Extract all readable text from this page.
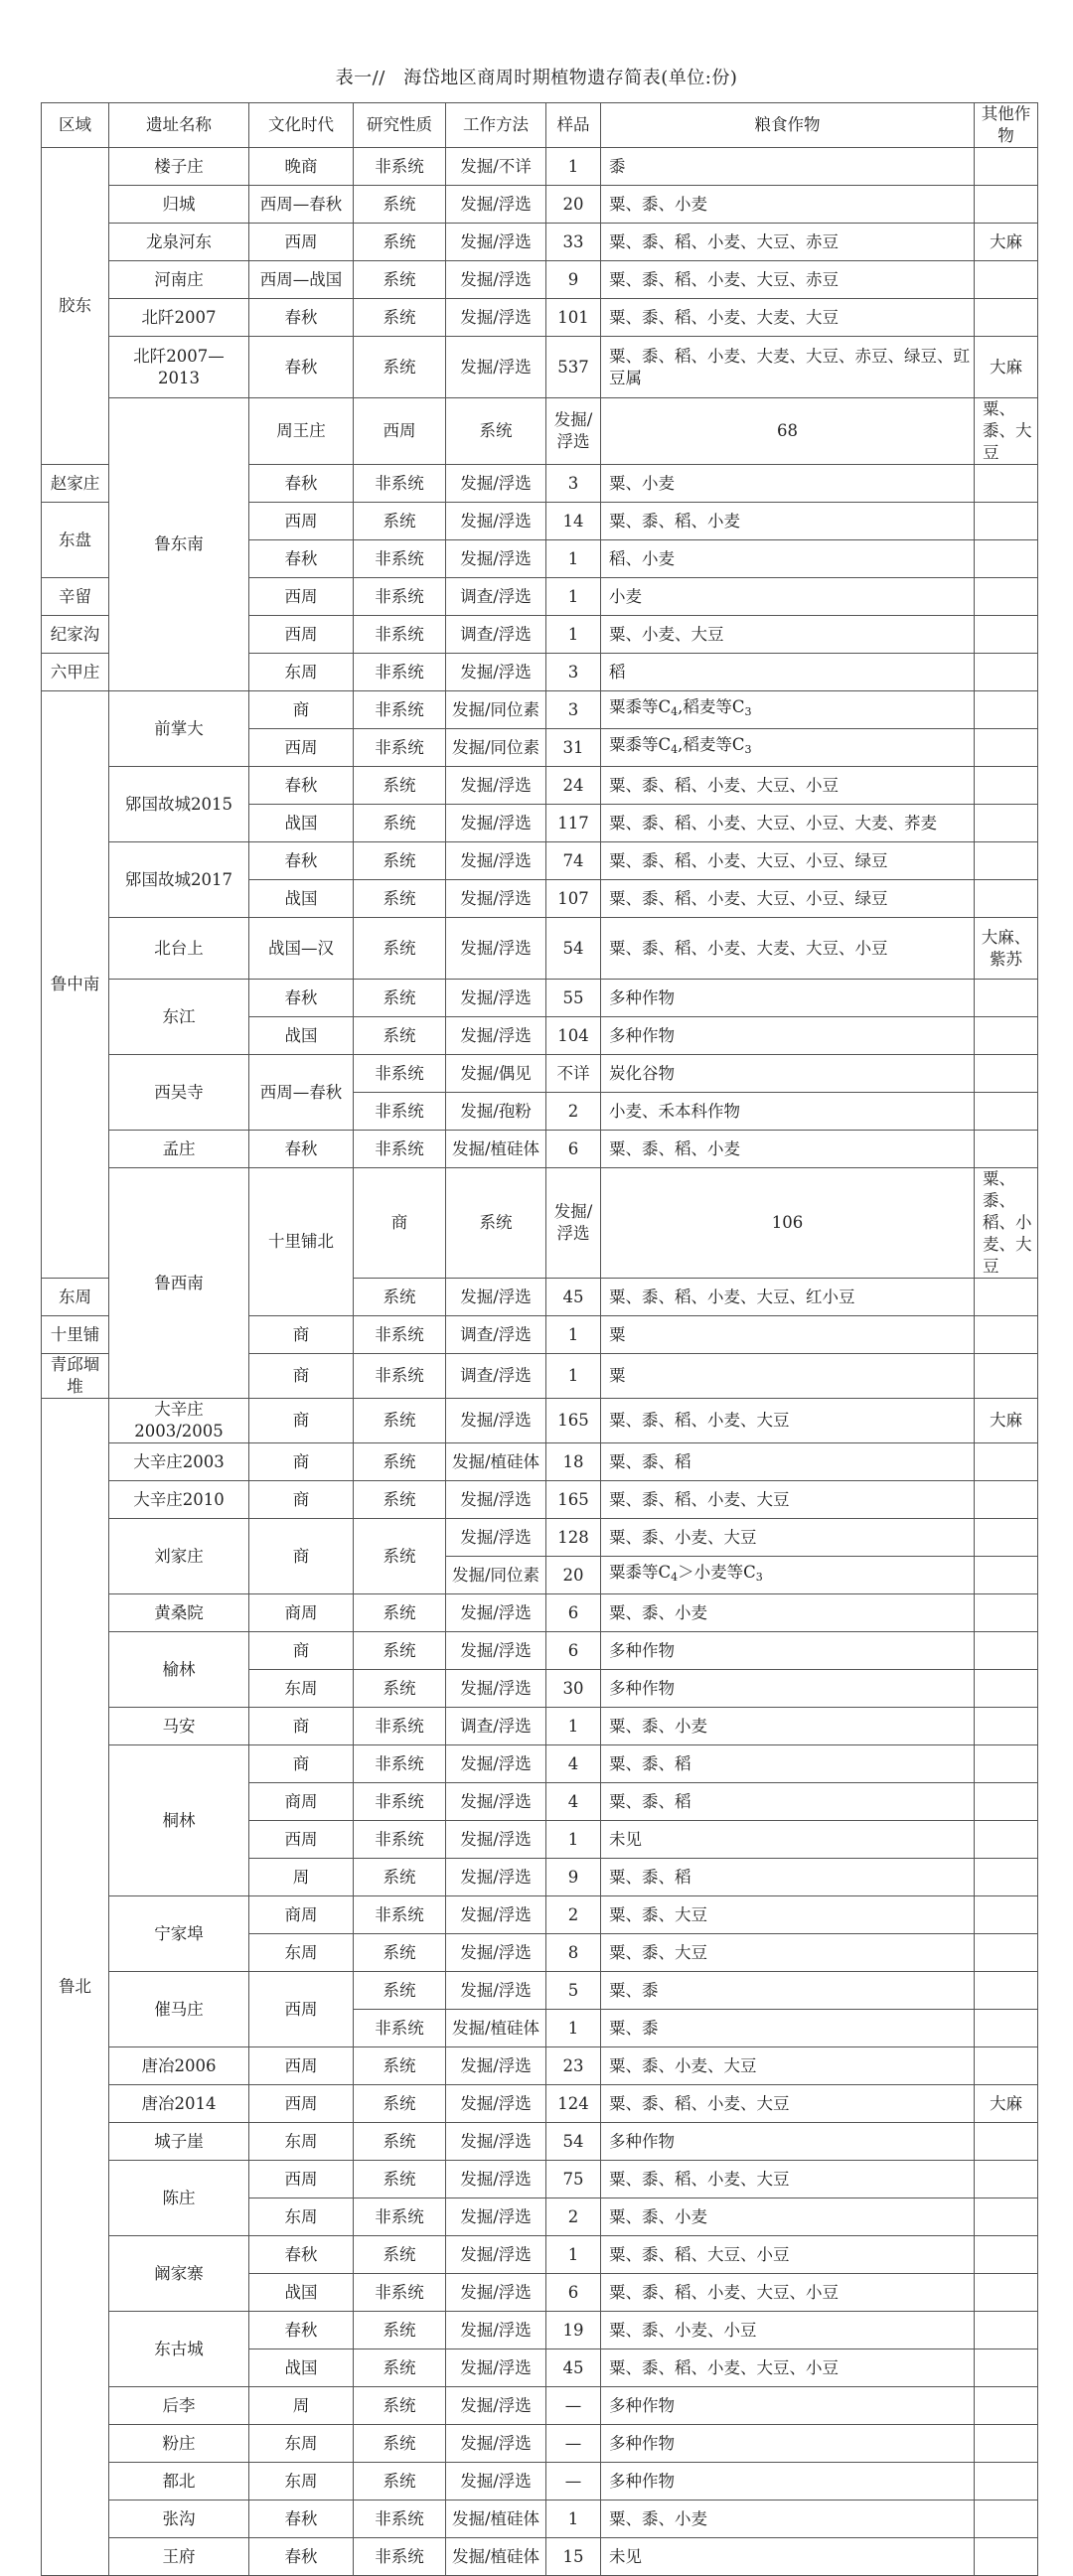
表一//　海岱地区商周时期植物遗存简表(单位:份)
区域	遗址名称	文化时代	研究性质	工作方法	样品	粮食作物	其他作物	
胶东	楼子庄	晚商	非系统	发掘/不详	1	黍		
	归城	西周—春秋	系统	发掘/浮选	20	粟、黍、小麦		
	龙泉河东	西周	系统	发掘/浮选	33	粟、黍、稻、小麦、大豆、赤豆	大麻	
	河南庄	西周—战国	系统	发掘/浮选	9	粟、黍、稻、小麦、大豆、赤豆		
	北阡2007	春秋	系统	发掘/浮选	101	粟、黍、稻、小麦、大麦、大豆		
	北阡2007—2013	春秋	系统	发掘/浮选	537	粟、黍、稻、小麦、大麦、大豆、赤豆、绿豆、豇豆属	大麻	
	鲁东南	周王庄	西周	系统	发掘/浮选	68	粟、黍、大豆	
赵家庄		春秋	非系统	发掘/浮选	3	粟、小麦		
东盘		西周	系统	发掘/浮选	14	粟、黍、稻、小麦		
		春秋	非系统	发掘/浮选	1	稻、小麦		
辛留		西周	非系统	调查/浮选	1	小麦		
纪家沟		西周	非系统	调查/浮选	1	粟、小麦、大豆		
六甲庄		东周	非系统	发掘/浮选	3	稻		
鲁中南	前掌大	商	非系统	发掘/同位素	3	粟黍等$C_4$,稻麦等$C_3$	
		西周	非系统	发掘/同位素	31	粟黍等$C_4$,稻麦等$C_3$	
	郳国故城2015	春秋	系统	发掘/浮选	24	粟、黍、稻、小麦、大豆、小豆		
		战国	系统	发掘/浮选	117	粟、黍、稻、小麦、大豆、小豆、大麦、荞麦		
	郳国故城2017	春秋	系统	发掘/浮选	74	粟、黍、稻、小麦、大豆、小豆、绿豆		
		战国	系统	发掘/浮选	107	粟、黍、稻、小麦、大豆、小豆、绿豆		
	北台上	战国—汉	系统	发掘/浮选	54	粟、黍、稻、小麦、大麦、大豆、小豆	大麻、紫苏	
	东江	春秋	系统	发掘/浮选	55	多种作物		
		战国	系统	发掘/浮选	104	多种作物		
	西吴寺	西周—春秋	非系统	发掘/偶见	不详	炭化谷物		
			非系统	发掘/孢粉	2	小麦、禾本科作物		
	孟庄	春秋	非系统	发掘/植硅体	6	粟、黍、稻、小麦		
	鲁西南	十里铺北	商	系统	发掘/浮选	106	粟、黍、稻、小麦、大豆	
东周			系统	发掘/浮选	45	粟、黍、稻、小麦、大豆、红小豆		
十里铺		商	非系统	调查/浮选	1	粟		
青邱堌堆		商	非系统	调查/浮选	1	粟		
鲁北	大辛庄2003/2005	商	系统	发掘/浮选	165	粟、黍、稻、小麦、大豆	大麻	
	大辛庄2003	商	系统	发掘/植硅体	18	粟、黍、稻		
	大辛庄2010	商	系统	发掘/浮选	165	粟、黍、稻、小麦、大豆		
	刘家庄	商	系统	发掘/浮选	128	粟、黍、小麦、大豆		
				发掘/同位素	20	粟黍等$C_4>$小麦等$C_3$	
	黄桑院	商周	系统	发掘/浮选	6	粟、黍、小麦		
	榆林	商	系统	发掘/浮选	6	多种作物		
		东周	系统	发掘/浮选	30	多种作物		
	马安	商	非系统	调查/浮选	1	粟、黍、小麦		
	桐林	商	非系统	发掘/浮选	4	粟、黍、稻		
		商周	非系统	发掘/浮选	4	粟、黍、稻		
		西周	非系统	发掘/浮选	1	未见		
		周	系统	发掘/浮选	9	粟、黍、稻		
	宁家埠	商周	非系统	发掘/浮选	2	粟、黍、大豆		
		东周	系统	发掘/浮选	8	粟、黍、大豆		
	催马庄	西周	系统	发掘/浮选	5	粟、黍		
			非系统	发掘/植硅体	1	粟、黍		
	唐冶2006	西周	系统	发掘/浮选	23	粟、黍、小麦、大豆		
	唐冶2014	西周	系统	发掘/浮选	124	粟、黍、稻、小麦、大豆	大麻	
	城子崖	东周	系统	发掘/浮选	54	多种作物		
	陈庄	西周	系统	发掘/浮选	75	粟、黍、稻、小麦、大豆		
		东周	非系统	发掘/浮选	2	粟、黍、小麦		
	阚家寨	春秋	系统	发掘/浮选	1	粟、黍、稻、大豆、小豆		
		战国	非系统	发掘/浮选	6	粟、黍、稻、小麦、大豆、小豆		
	东古城	春秋	系统	发掘/浮选	19	粟、黍、小麦、小豆		
		战国	系统	发掘/浮选	45	粟、黍、稻、小麦、大豆、小豆		
	后李	周	系统	发掘/浮选	—	多种作物		
	粉庄	东周	系统	发掘/浮选	—	多种作物		
	都北	东周	系统	发掘/浮选	—	多种作物		
	张沟	春秋	非系统	发掘/植硅体	1	粟、黍、小麦		
	王府	春秋	非系统	发掘/植硅体	15	未见		
